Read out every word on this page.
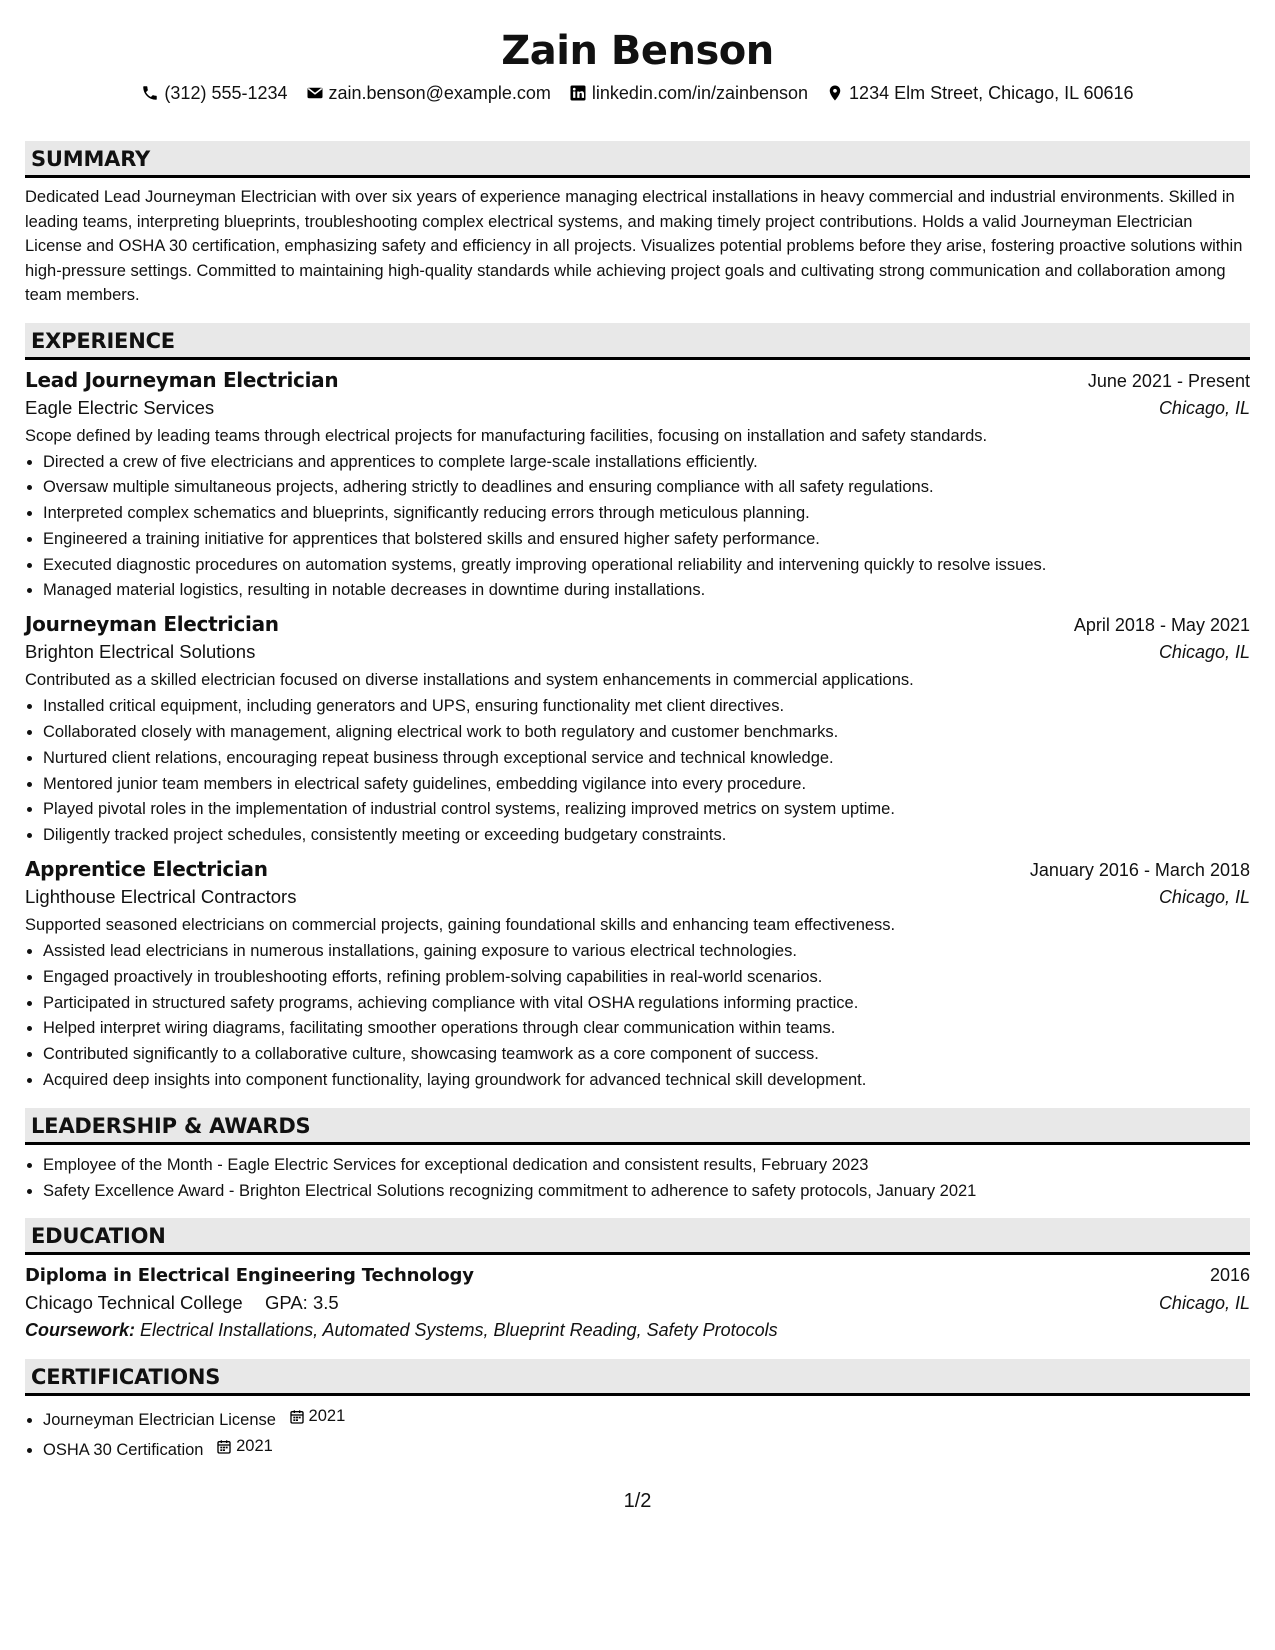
Zain Benson
(312) 555-1234 zain.benson@example.com linkedin.com/in/zainbenson 1234 Elm Street, Chicago, IL 60616
SUMMARY
Dedicated Lead Journeyman Electrician with over six years of experience managing electrical installations in heavy commercial and industrial environments. Skilled in leading teams, interpreting blueprints, troubleshooting complex electrical systems, and making timely project contributions. Holds a valid Journeyman Electrician License and OSHA 30 certification, emphasizing safety and efficiency in all projects. Visualizes potential problems before they arise, fostering proactive solutions within high-pressure settings. Committed to maintaining high-quality standards while achieving project goals and cultivating strong communication and collaboration among team members.
EXPERIENCE
Lead Journeyman Electrician	June 2021 - Present
Eagle Electric Services	Chicago, IL
Scope defined by leading teams through electrical projects for manufacturing facilities, focusing on installation and safety standards.
• Directed a crew of five electricians and apprentices to complete large-scale installations efficiently.
• Oversaw multiple simultaneous projects, adhering strictly to deadlines and ensuring compliance with all safety regulations.
• Interpreted complex schematics and blueprints, significantly reducing errors through meticulous planning.
• Engineered a training initiative for apprentices that bolstered skills and ensured higher safety performance.
• Executed diagnostic procedures on automation systems, greatly improving operational reliability and intervening quickly to resolve issues.
• Managed material logistics, resulting in notable decreases in downtime during installations.
Journeyman Electrician	April 2018 - May 2021
Brighton Electrical Solutions	Chicago, IL
Contributed as a skilled electrician focused on diverse installations and system enhancements in commercial applications.
• Installed critical equipment, including generators and UPS, ensuring functionality met client directives.
• Collaborated closely with management, aligning electrical work to both regulatory and customer benchmarks.
• Nurtured client relations, encouraging repeat business through exceptional service and technical knowledge.
• Mentored junior team members in electrical safety guidelines, embedding vigilance into every procedure.
• Played pivotal roles in the implementation of industrial control systems, realizing improved metrics on system uptime.
• Diligently tracked project schedules, consistently meeting or exceeding budgetary constraints.
Apprentice Electrician	January 2016 - March 2018
Lighthouse Electrical Contractors	Chicago, IL
Supported seasoned electricians on commercial projects, gaining foundational skills and enhancing team effectiveness.
• Assisted lead electricians in numerous installations, gaining exposure to various electrical technologies.
• Engaged proactively in troubleshooting efforts, refining problem-solving capabilities in real-world scenarios.
• Participated in structured safety programs, achieving compliance with vital OSHA regulations informing practice.
• Helped interpret wiring diagrams, facilitating smoother operations through clear communication within teams.
• Contributed significantly to a collaborative culture, showcasing teamwork as a core component of success.
• Acquired deep insights into component functionality, laying groundwork for advanced technical skill development.
LEADERSHIP & AWARDS
• Employee of the Month - Eagle Electric Services for exceptional dedication and consistent results, February 2023
• Safety Excellence Award - Brighton Electrical Solutions recognizing commitment to adherence to safety protocols, January 2021
EDUCATION
Diploma in Electrical Engineering Technology	2016
Chicago Technical College GPA: 3.5	Chicago, IL
Coursework: Electrical Installations, Automated Systems, Blueprint Reading, Safety Protocols
CERTIFICATIONS
• Journeyman Electrician License 2021
• OSHA 30 Certification 2021
1/2
